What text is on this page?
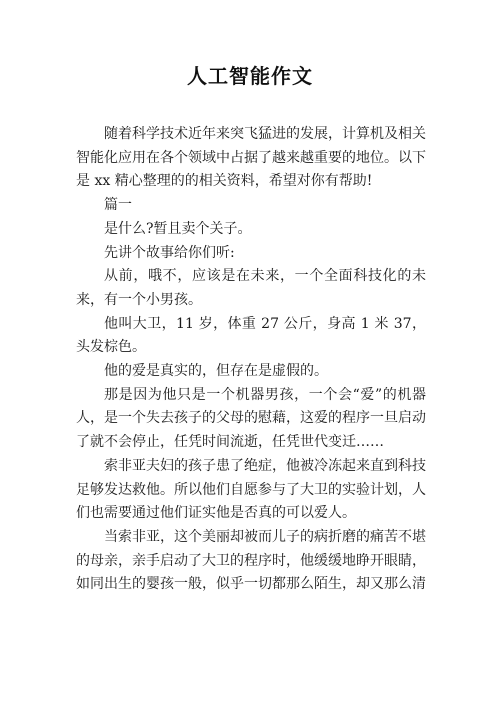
人工智能作文

随着科学技术近年来突飞猛进的发展，计算机及相关智能化应用在各个领域中占据了越来越重要的地位。以下是 xx 精心整理的的相关资料，希望对你有帮助!

篇一

是什么?暂且卖个关子。

先讲个故事给你们听:

从前，哦不，应该是在未来，一个全面科技化的未来，有一个小男孩。

他叫大卫，11 岁，体重 27 公斤，身高 1 米 37，头发棕色。

他的爱是真实的，但存在是虚假的。

那是因为他只是一个机器男孩，一个会“爱”的机器人，是一个失去孩子的父母的慰藉，这爱的程序一旦启动了就不会停止，任凭时间流逝，任凭世代变迁……

索非亚夫妇的孩子患了绝症，他被冷冻起来直到科技足够发达救他。所以他们自愿参与了大卫的实验计划，人们也需要通过他们证实他是否真的可以爱人。

当索非亚，这个美丽却被而儿子的病折磨的痛苦不堪的母亲，亲手启动了大卫的程序时，他缓缓地睁开眼睛，如同出生的婴孩一般，似乎一切都那么陌生，却又那么清
